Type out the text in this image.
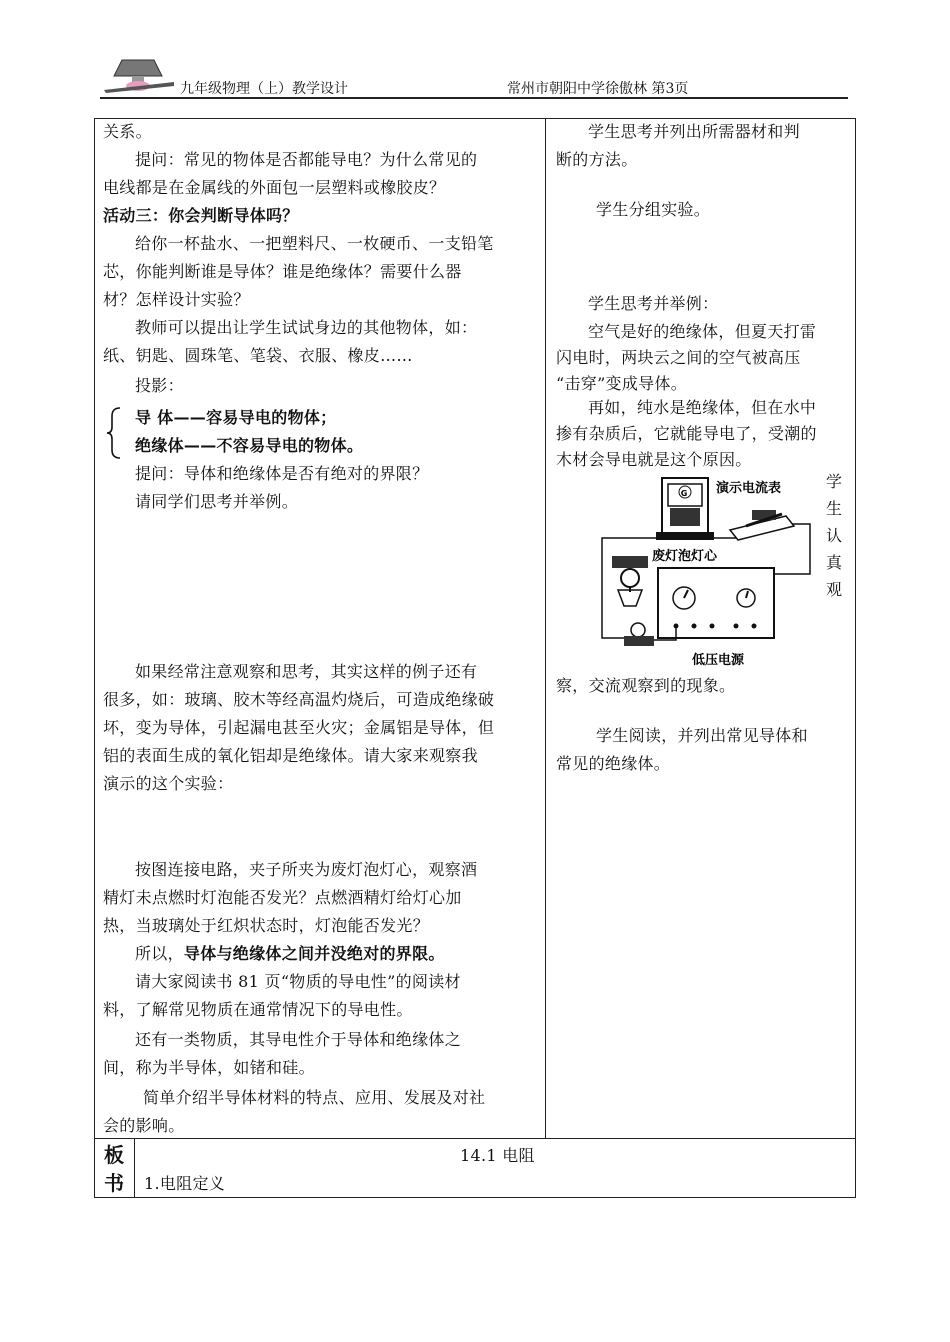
九年级物理（上）教学设计	常州市朝阳中学徐傲林 第3页
关系。
提问：常见的物体是否都能导电？为什么常见的
电线都是在金属线的外面包一层塑料或橡胶皮？
活动三：你会判断导体吗？
给你一杯盐水、一把塑料尺、一枚硬币、一支铅笔
芯，你能判断谁是导体？谁是绝缘体？需要什么器
材？怎样设计实验？
教师可以提出让学生试试身边的其他物体，如：
纸、钥匙、圆珠笔、笔袋、衣服、橡皮……
投影：
导 体——容易导电的物体；
绝缘体——不容易导电的物体。
提问：导体和绝缘体是否有绝对的界限？
请同学们思考并举例。
如果经常注意观察和思考，其实这样的例子还有
很多，如：玻璃、胶木等经高温灼烧后，可造成绝缘破
坏，变为导体，引起漏电甚至火灾；金属铝是导体，但
铝的表面生成的氧化铝却是绝缘体。请大家来观察我
演示的这个实验：
按图连接电路，夹子所夹为废灯泡灯心，观察酒
精灯未点燃时灯泡能否发光？点燃酒精灯给灯心加
热，当玻璃处于红炽状态时，灯泡能否发光？
所以，导体与绝缘体之间并没绝对的界限。
请大家阅读书 81 页“物质的导电性”的阅读材
料，了解常见物质在通常情况下的导电性。
还有一类物质，其导电性介于导体和绝缘体之
间，称为半导体，如锗和硅。
简单介绍半导体材料的特点、应用、发展及对社
会的影响。
学生思考并列出所需器材和判
断的方法。
学生分组实验。
学生思考并举例：
空气是好的绝缘体，但夏天打雷
闪电时，两块云之间的空气被高压
“击穿”变成导体。
再如，纯水是绝缘体，但在水中
掺有杂质后，它就能导电了，受潮的
木材会导电就是这个原因。
学
生
认
真
观
G 演示电流表
废灯泡灯心
低压电源
察，交流观察到的现象。
学生阅读，并列出常见导体和
常见的绝缘体。
板
书
14.1 电阻
1.电阻定义
